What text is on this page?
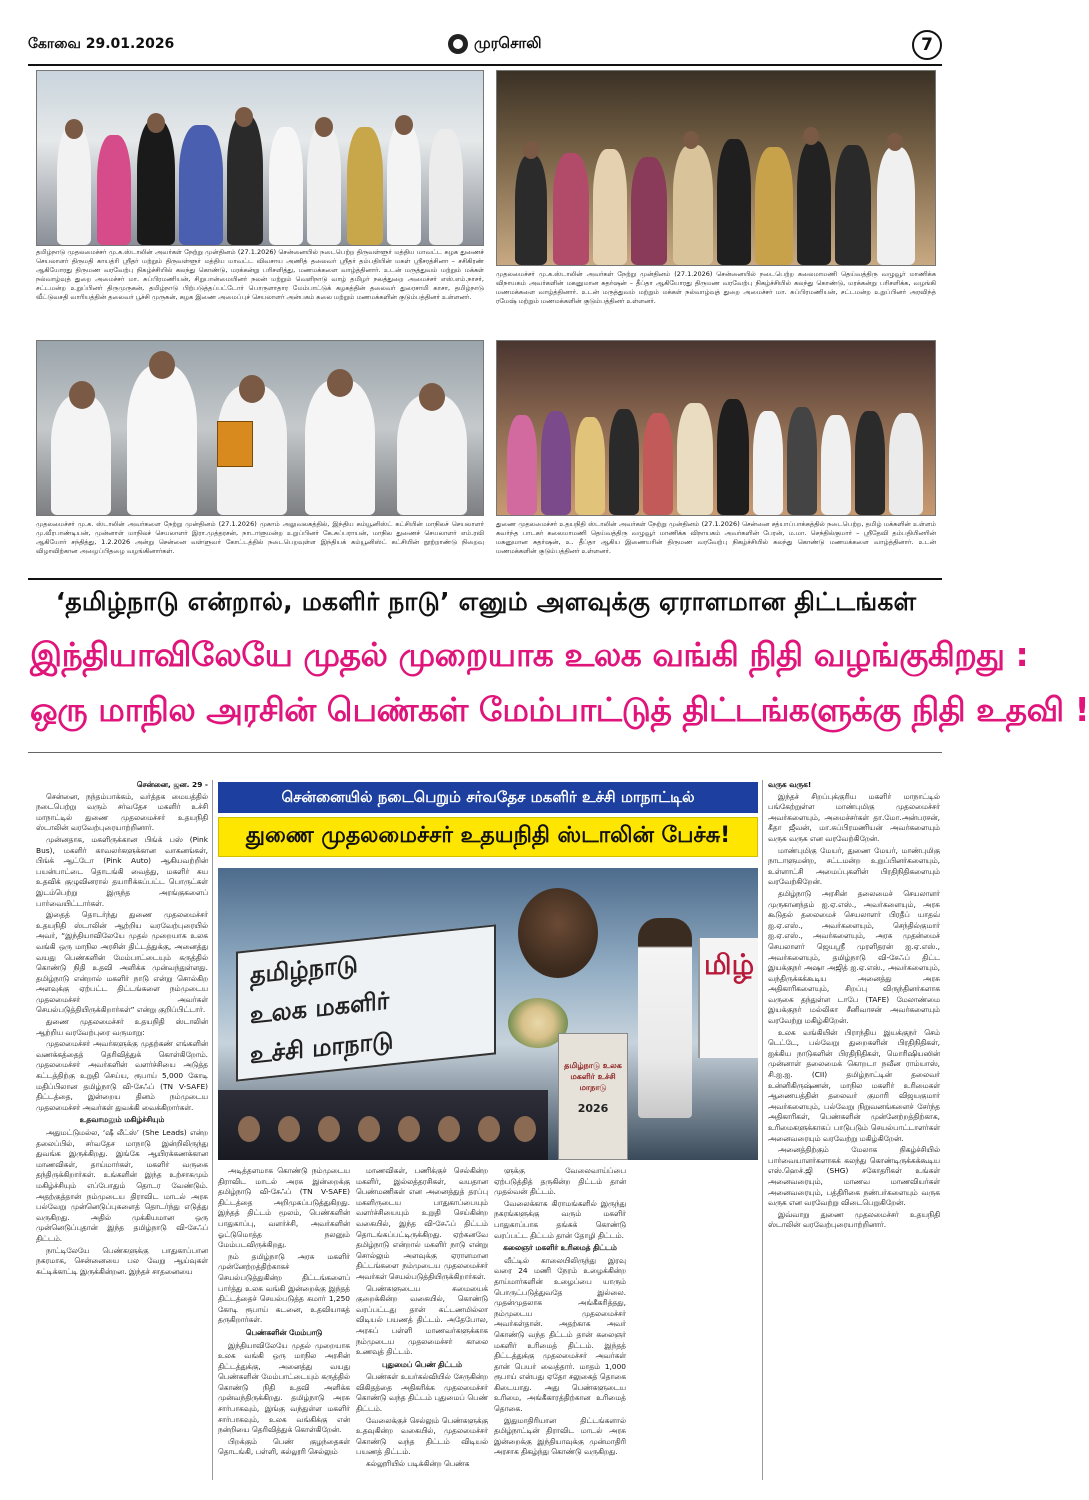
கோவை 29.01.2026	முரசொலி	7
தமிழ்நாடு முதலமைச்சர் மு.க.ஸ்டாலின் அவர்கள் நேற்று முன்தினம் (27.1.2026) சென்னையில் நடைபெற்ற திருவள்ளூர் மத்திய மாவட்ட கழக துணைச் செயலாளர் திருமதி காயத்ரி ஸ்ரீதர் மற்றும் திருவள்ளூர் மத்திய மாவட்ட விவசாய அணித் தலைவர் ஸ்ரீதர் தம்பதியின் மகள் ஸ்ரீசரத்சினா – சசிகிரண் ஆகியோரது திருமண வரவேற்பு நிகழ்ச்சியில் கலந்து கொண்டு, மரக்கன்று பரிசளித்து, மணமக்களை வாழ்த்தினார். உடன் மருத்துவம் மற்றும் மக்கள் நல்வாழ்வுத் துறை அமைச்சர் மா. சுப்பிரமணியன், சிறுபான்மையினர் நலன் மற்றும் வெளிநாடு வாழ் தமிழர் நலத்துறை அமைச்சர் எஸ்.எம்.நாசர், சட்டமன்ற உறுப்பினர் திருமுருகன், தமிழ்நாடு பிற்படுத்தப்பட்டோர் பொருளாதார மேம்பாட்டுக் கழகத்தின் தலைவர் துரைசாமி காசா, தமிழ்நாடு வீட்டுவசதி வாரியத்தின் தலைவர் பூச்சி முருகன், கழக இணை அமைப்புச் செயலாளர் அன்பகம் கலை மற்றும் மணமக்களின் குடும்பத்தினர் உள்ளனர்.
முதலமைச்சர் மு.க.ஸ்டாலின் அவர்கள் நேற்று முன்தினம் (27.1.2026) சென்னையில் நடைபெற்ற கலைமாமணி தெய்வத்திரு வழுவூர் மாணிக்க விநாயகம் அவர்களின் மகனுமான சுதர்ஷன் – தீப்தா ஆகியோரது திருமண வரவேற்பு நிகழ்ச்சியில் கலந்து கொண்டு, மரக்கன்று பரிசளிக்க, வழங்கி மணமக்களை வாழ்த்தினார். உடன் மருத்துவம் மற்றும் மக்கள் நல்வாழ்வுத் துறை அமைச்சர் மா. சுப்பிரமணியன், சட்டமன்ற உறுப்பினர் அரவிந்த் ரமேஷ் மற்றும் மணமக்களின் குடும்பத்தினர் உள்ளனர்.
முதலமைச்சர் மு.க. ஸ்டாலின் அவர்களை நேற்று முன்தினம் (27.1.2026) முகாம் அலுவலகத்தில், இந்திய கம்யூனிஸ்ட் கட்சியின் மாநிலச் செயலாளர் மு.வீரபாண்டியன், முன்னாள் மாநிலச் செயலாளர் இரா.முத்தரசன், நாடாளுமன்ற உறுப்பினர் கே.சுப்பராயன், மாநில துணைச் செயலாளர் எம்.ரவி ஆகியோர் சந்தித்து, 1.2.2026 அன்று சென்னை வள்ளுவர் கோட்டத்தில் நடைபெறவுள்ள இந்தியக் கம்யூனிஸ்ட் கட்சியின் நூற்றாண்டு நிறைவு விழாவிற்கான அழைப்பிதழை வழங்கினார்கள்.
துணை முதலமைச்சர் உதயநிதி ஸ்டாலின் அவர்கள் நேற்று முன்தினம் (27.1.2026) சென்னை சத்யாப்பாக்கத்தில் நடைபெற்ற, தமிழ் மக்களின் உள்ளம் கவர்ந்த பாடகர் கலைமாமணி தெய்வத்திரு வழுவூர் மாணிக்க விநாயகம் அவர்களின் பேரன், ம.மா. செந்தில்குமார் – ஸ்ரீதேவி தம்பதியினரின் மகனுமான சுதர்ஷன், உ. தீப்தா ஆகிய இணையரின் திருமண வரவேற்பு நிகழ்ச்சியில் கலந்து கொண்டு மணமக்களை வாழ்த்தினார். உடன் மணமக்களின் குடும்பத்தினர் உள்ளனர்.
‘தமிழ்நாடு என்றால், மகளிர் நாடு’ எனும் அளவுக்கு ஏராளமான திட்டங்கள்
இந்தியாவிலேயே முதல் முறையாக உலக வங்கி நிதி வழங்குகிறது :
ஒரு மாநில அரசின் பெண்கள் மேம்பாட்டுத் திட்டங்களுக்கு நிதி உதவி !
சென்னையில் நடைபெறும் சர்வதேச மகளிர் உச்சி மாநாட்டில்
துணை முதலமைச்சர் உதயநிதி ஸ்டாலின் பேச்சு!
தமிழ்நாடு
உலக மகளிர்
உச்சி மாநாடு
மிழ்
தமிழ்நாடு உலக மகளிர் உச்சி மாநாடு
2026

சென்னை, ஜன. 29 -

சென்னை, நந்தம்பாக்கம், வர்த்தக மையத்தில் நடைபெற்று வரும் சர்வதேச மகளிர் உச்சி மாநாட்டில் துணை முதலமைச்சர் உதயநிதி ஸ்டாலின் வரவேற்புரையாற்றினார்.

முன்னதாக, மகளிருக்கான பிங்க் பஸ் (Pink Bus), மகளிர் காவலர்களுக்கான வாகனங்கள், பிங்க் ஆட்டோ (Pink Auto) ஆகியவற்றின் பயன்பாட்டை தொடங்கி வைத்து, மகளிர் சுய உதவிக் குழுவினரால் தயாரிக்கப்பட்ட பொருட்கள் இடம்பெற்று இருந்த அரங்குகளைப் பார்வையிட்டார்கள்.

இதைத் தொடர்ந்து துணை முதலமைச்சர் உதயநிதி ஸ்டாலின் ஆற்றிய வரவேற்புரையில் அவர், “இந்தியாவிலேயே முதல் முறையாக உலக வங்கி ஒரு மாநில அரசின் திட்டத்துக்கு, அனைத்து வயது பெண்களின் மேம்பாட்டையும் கருத்தில் கொண்டு நிதி உதவி அளிக்க முன்வந்துள்ளது. தமிழ்நாடு என்றால் மகளிர் நாடு என்று சொல்கிற அளவுக்கு ஏற்பட்ட திட்டங்களை நம்முடைய முதலமைச்சர் அவர்கள் செயல்படுத்தியிருக்கிறார்கள்” என்று குறிப்பிட்டார்.

துணை முதலமைச்சர் உதயநிதி ஸ்டாலின் ஆற்றிய வரவேற்புரை வருமாறு:

முதலமைச்சர் அவர்களுக்கு முதற்கண் எங்களின் வணக்கத்தைத் தெரிவித்துக் கொள்கிறோம். முதலமைச்சர் அவர்களின் வளர்ச்சியை அடுத்த கட்டத்திற்கு உறுதி செய்ய, ரூபாய் 5,000 கோடி மதிப்பிலான தமிழ்நாடு வி-சேஃப் (TN V-SAFE) திட்டத்தை, இன்றைய தினம் நம்முடைய முதலமைச்சர் அவர்கள் துவக்கி வைக்கிறார்கள்.

உதவாமலும் மகிழ்ச்சியும்

அதுமட்டுமல்ல, ‘ஷீ லீட்ஸ்’ (She Leads) என்ற தலைப்பில், சர்வதேச மாநாடு இன்றிலிருந்து துவங்க இருக்கிறது. இங்கே ஆயிரக்கணக்கான மாணவிகள், தாய்மார்கள், மகளிர் வருகை தந்திருக்கிறார்கள். உங்களின் இந்த உற்சாகமும் மகிழ்ச்சியும் எப்போதும் தொடர வேண்டும். அதற்குத்தான் நம்முடைய திராவிட மாடல் அரசு பல்வேறு முன்னெடுப்புகளைத் தொடர்ந்து எடுத்து வருகிறது. அதில் முக்கியமான ஒரு முன்னெடுப்புதான் இந்த தமிழ்நாடு வி-சேஃப் திட்டம்.

நாட்டிலேயே பெண்களுக்கு பாதுகாப்பான நகரமாக, சென்னையை பல வேறு ஆய்வுகள் சுட்டிக்காட்டி இருக்கின்றன. இந்தச் சாதனையை

அடித்தளமாக கொண்டு நம்முடைய திராவிட மாடல் அரசு இன்றைக்கு தமிழ்நாடு வி-சேஃப் (TN V-SAFE) திட்டத்தை அறிமுகப்படுத்துகிறது. இந்தத் திட்டம் மூலம், பெண்களின் பாதுகாப்பு, வளர்ச்சி, அவர்களின் ஓட்டுமொத்த நலனும் மேம்படவிருக்கிறது.

நம் தமிழ்நாடு அரசு மகளிர் முன்னேற்றத்திற்காகச் செயல்படுத்துகின்ற திட்டங்களைப் பார்த்து உலக வங்கி இன்றைக்கு இந்தத் திட்டத்தைச் செயல்படுத்த சுமார் 1,250 கோடி ரூபாய் கடனை, உதவியாகத் தருகிறார்கள்.

பெண்களின் மேம்பாடு

இந்தியாவிலேயே முதல் முறையாக உலக வங்கி ஒரு மாநில அரசின் திட்டத்துக்கு, அனைத்து வயது பெண்களின் மேம்பாட்டையும் கருத்தில் கொண்டு நிதி உதவி அளிக்க முன்வந்திருக்கிறது. தமிழ்நாடு அரசு சார்பாகவும், இங்கு வந்துள்ள மகளிர் சார்பாகவும், உலக வங்கிக்கு என் நன்றியை தெரிவித்துக் கொள்கிறேன்.

பிறக்கும் பெண் குழந்தைகள் தொடங்கி, பள்ளி, கல்லூரி செல்லும்

மாணவிகள், பணிக்குச் செல்கின்ற மகளிர், இல்லத்தரசிகள், வயதான பெண்மணிகள் என அனைத்துத் தரப்பு மகளிருடைய பாதுகாப்பையும் வளர்ச்சியையும் உறுதி செய்கின்ற வகையில், இந்த வி-சேஃப் திட்டம் தொடங்கப்பட்டிருக்கிறது. ஏற்கனவே தமிழ்நாடு என்றால் மகளிர் நாடு என்று சொல்லும் அளவுக்கு ஏராளமான திட்டங்களை நம்முடைய முதலமைச்சர் அவர்கள் செயல்படுத்தியிருக்கிறார்கள்.

பெண்களுடைய சுமையைக் குறைக்கின்ற வகையில், கொண்டு வரப்பட்டது தான் கட்டணமில்லா விடியல் பயணத் திட்டம். அதேபோல, அரசுப் பள்ளி மாணவர்களுக்காக நம்முடைய முதலமைச்சர் காலை உணவுத் திட்டம்.

புதுமைப் பெண் திட்டம்

பெண்கள் உயர்கல்வியில் சேருகின்ற விகிதத்தை அதிகரிக்க முதலமைச்சர் கொண்டு வந்த திட்டம் புதுமைப் பெண் திட்டம்.

வேலைக்குச் செல்லும் பெண்களுக்கு உதவுகின்ற வகையில், முதலமைச்சர் கொண்டு வந்த திட்டம் விடியல் பயணத் திட்டம்.

கல்லூரியில் படிக்கின்ற பெண்க

ளுக்கு வேலைவாய்ப்பை ஏற்படுத்தித் தருகின்ற திட்டம் தான் முதல்வன் திட்டம்.

வேலைக்காக கிராமங்களில் இருந்து நகரங்களுக்கு வரும் மகளிர் பாதுகாப்பாக தங்கக் கொண்டு வரப்பட்ட திட்டம் தான் தோழி திட்டம்.

கலைஞர் மகளிர் உரிமைத் திட்டம்

வீட்டில் காலையிலிருந்து இரவு வரை 24 மணி நேரம் உழைக்கின்ற தாய்மார்களின் உழைப்பை யாரும் பொருட்படுத்துவதே இல்லை. முதன்முதலாக அங்கீகரித்தது, நம்முடைய முதலமைச்சர் அவர்கள்தான். அதற்காக அவர் கொண்டு வந்த திட்டம் தான் கலைஞர் மகளிர் உரிமைத் திட்டம். இந்தத் திட்டத்துக்கு முதலமைச்சர் அவர்கள் தான் பெயர் வைத்தார். மாதம் 1,000 ரூபாய் என்பது ஏதோ சலுகைத் தொகை கிடையாது. அது பெண்களுடைய உரிமை, அங்கீகாரத்திற்கான உரிமைத் தொகை.

இதுமாதிரியான திட்டங்களால் தமிழ்நாட்டின் திராவிட மாடல் அரசு இன்றைக்கு இந்தியாவுக்கு முன்மாதிரி அரசாக திகழ்ந்து கொண்டு வருகிறது.

வருக வருக!

இந்தச் சிறப்புக்குரிய மகளிர் மாநாட்டில் பங்கேற்றுள்ள மாண்புமிகு முதலமைச்சர் அவர்களையும், அமைச்சர்கள் தா.மோ.அன்பரசன், கீதா ஜீவன், மா.சுப்பிரமணியன் அவர்களையும் வருக வருக என வரவேற்கிறேன்.

மாண்புமிகு மேயர், துணை மேயர், மாண்புமிகு நாடாளுமன்ற, சட்டமன்ற உறுப்பினர்களையும், உள்ளாட்சி அமைப்புகளின் பிரதிநிதிகளையும் வரவேற்கிறேன்.

தமிழ்நாடு அரசின் தலைமைச் செயலாளர் முருகானந்தம் ஐ.ஏ.எஸ்., அவர்களையும், அரசு கூடுதல் தலைமைச் செயலாளர் பிரதீப் யாதவ் ஐ.ஏ.எஸ்., அவர்களையும், செந்தில்குமார் ஐ.ஏ.எஸ்., அவர்களையும், அரசு முதன்மைச் செயலாளர் ஜெயஸ்ரீ முரளிதரன் ஐ.ஏ.எஸ்., அவர்களையும், தமிழ்நாடு வி-சேஃப் திட்ட இயக்குநர் அஷா அஜித் ஐ.ஏ.எஸ்., அவர்களையும், வந்திருக்கக்கூடிய அனைத்து அரசு அதிகாரிகளையும், சிறப்பு விருந்தினர்களாக வருகை தந்துள்ள டாபே (TAFE) மேலாண்மை இயக்குநர் மல்லிகா சீனிவாசன் அவர்களையும் வரவேற்று மகிழ்கிறேன்.

உலக வங்கியின் பிராந்திய இயக்குநர் செம் டெட்டே, பல்வேறு துறைகளின் பிரதிநிதிகள், ஐக்கிய நாடுகளின் பிரதிநிதிகள், மொரிஷியஸின் முன்னாள் தலைமைக் கொறடா நவீன ராம்யாஸ், சி.ஐ.ஐ. (CII) தமிழ்நாட்டின் தலைவர் உன்னிகிருஷ்ணன், மாநில மகளிர் உரிமைகள் ஆணையத்தின் தலைவர் குமாரி விஜயகுமார் அவர்களையும், பல்வேறு நிறுவனங்களைச் சேர்ந்த அதிகாரிகள், பெண்களின் முன்னேற்றத்திற்காக, உரிமைகளுக்காகப் பாடுபடும் செயல்பாட்டாளர்கள் அனைவரையும் வரவேற்று மகிழ்கிறேன்.

அனைத்திற்கும் மேலாக நிகழ்ச்சியில் பார்வையாளர்களாகக் கலந்து கொண்டிருக்கக்கூடிய எஸ்.ஹெச்.ஜி (SHG) சகோதரிகள் உங்கள் அனைவரையும், மாணவ மாணவியர்கள் அனைவரையும், பத்திரிகை நண்பர்களையும் வருக வருக என வரவேற்று விடைபெறுகிறேன்.

இவ்வாறு துணை முதலமைச்சர் உதயநிதி ஸ்டாலின் வரவேற்புரையாற்றினார்.
